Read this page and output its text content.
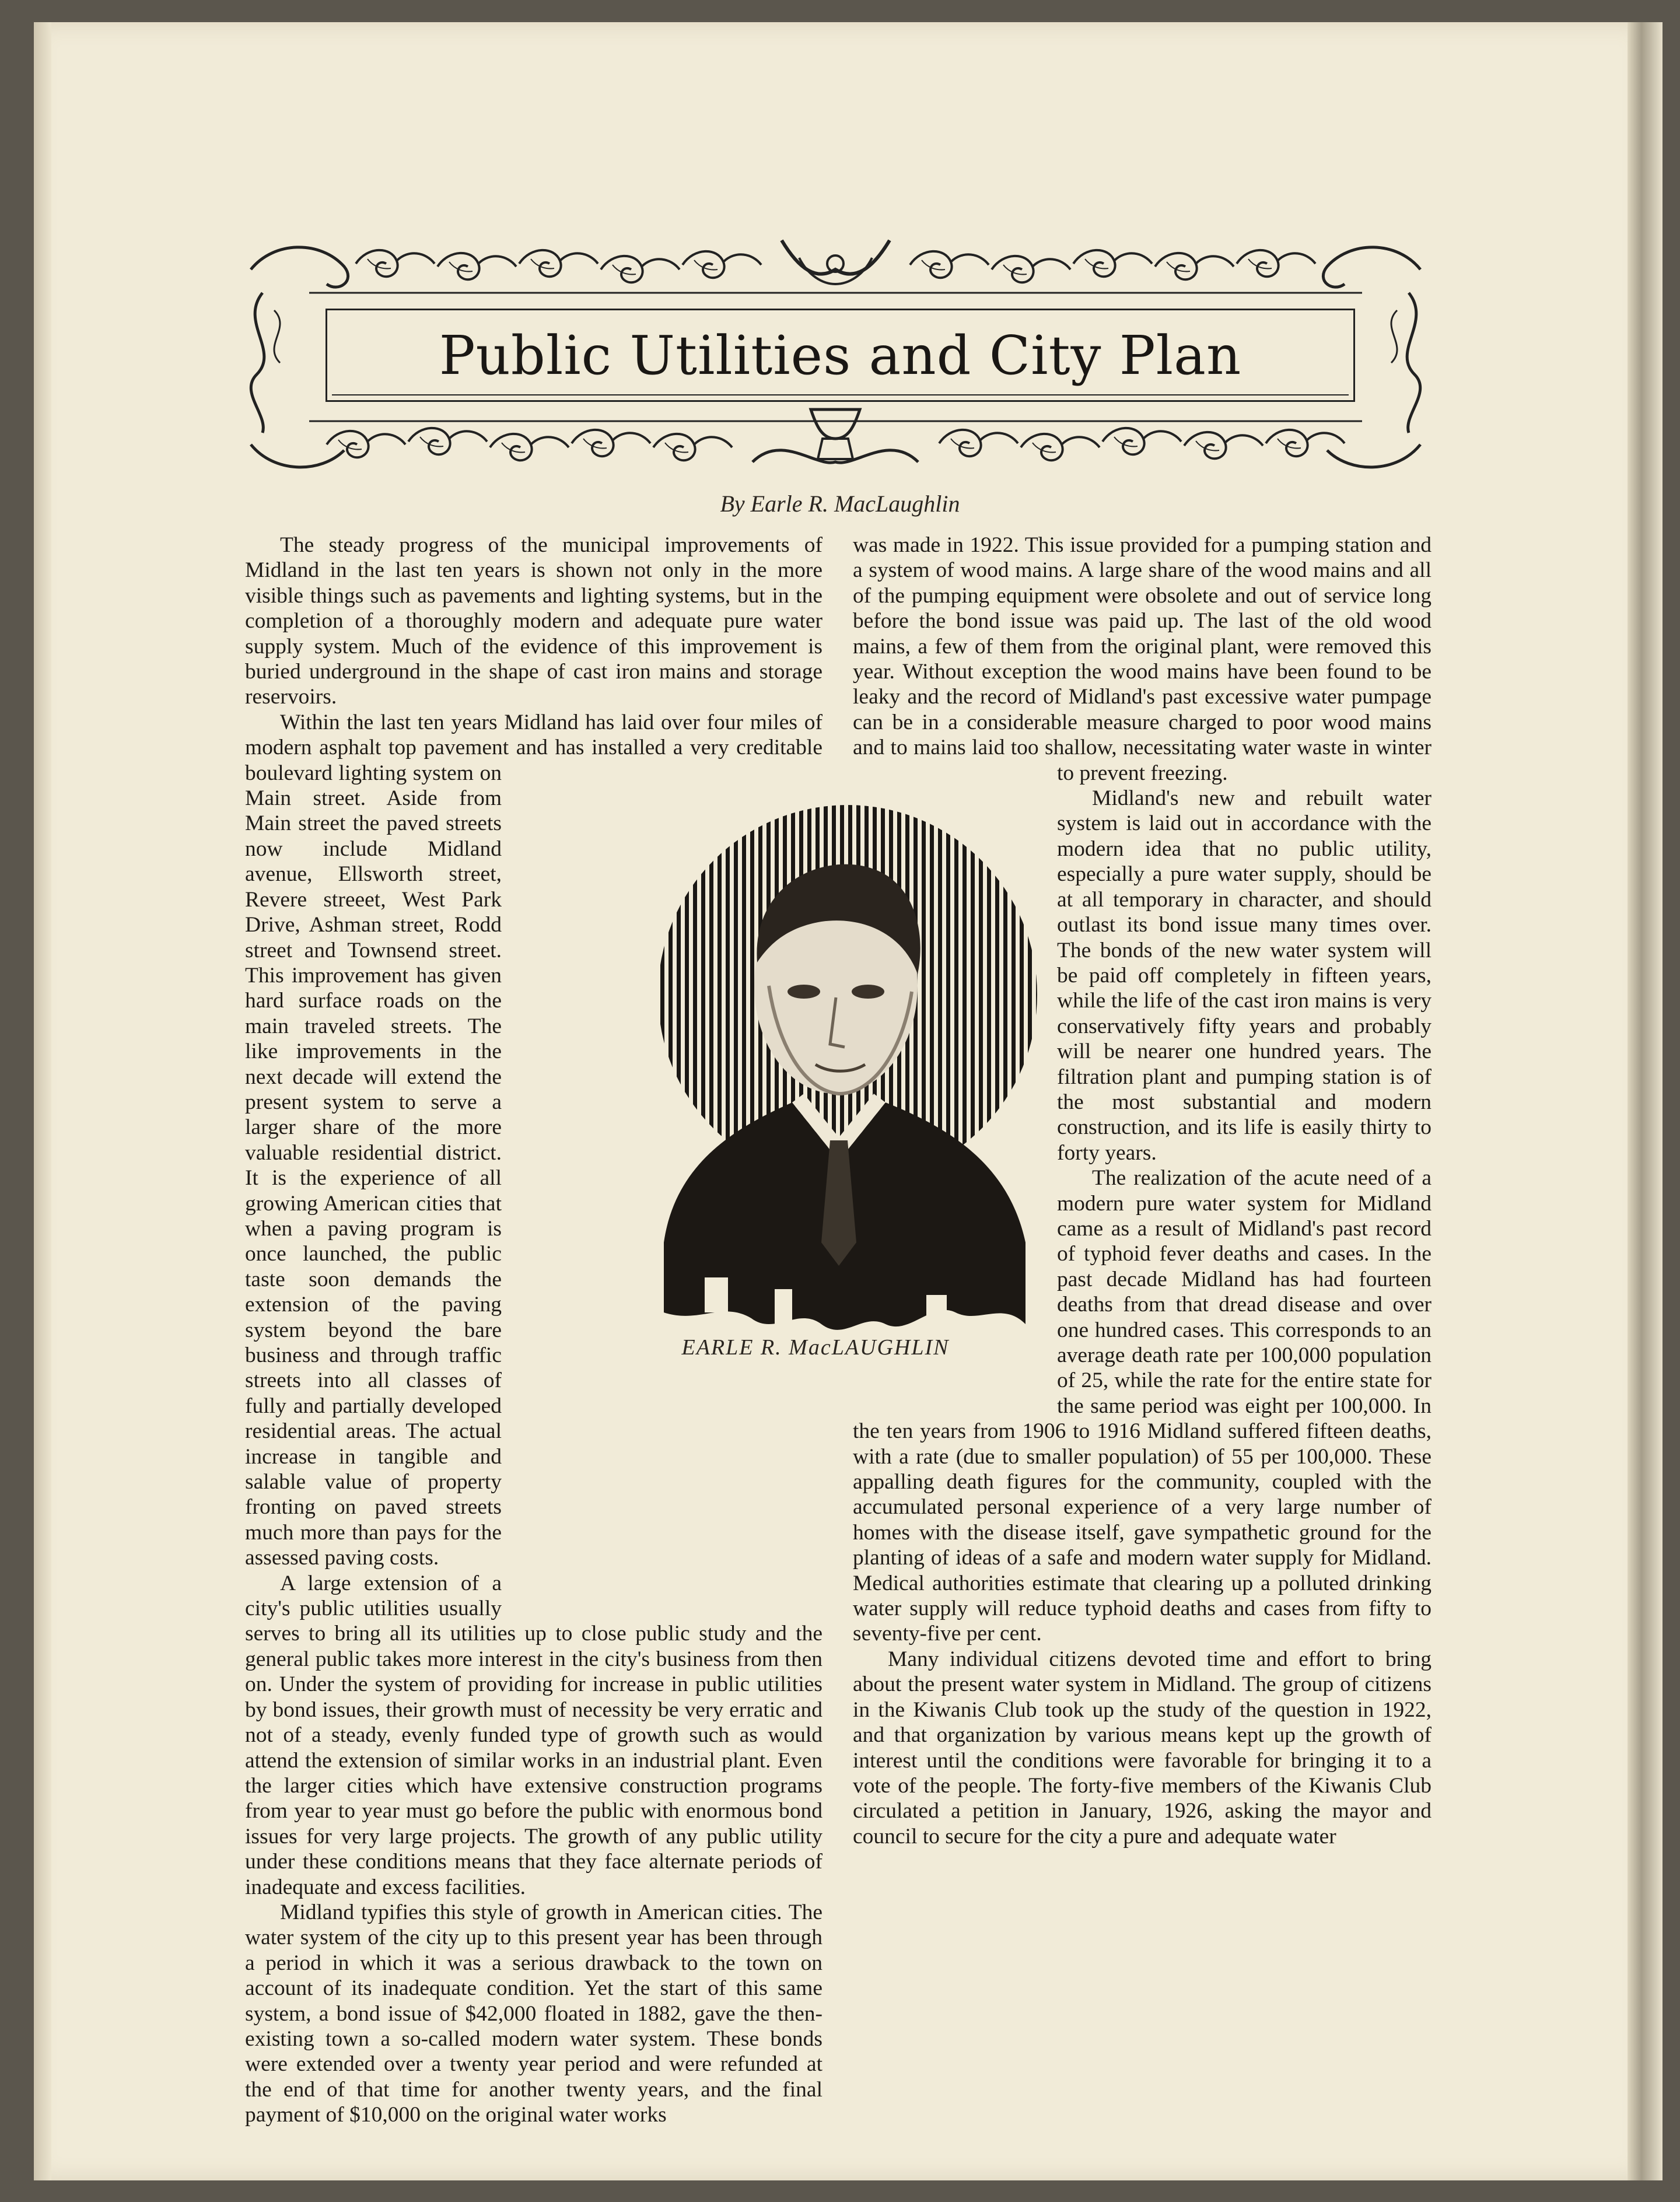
Public Utilities and City Plan
By Earle R. MacLaughlin

The steady progress of the municipal improvements of Midland in the last ten years is shown not only in the more visible things such as pavements and lighting systems, but in the completion of a thoroughly modern and adequate pure water supply system. Much of the evidence of this improvement is buried underground in the shape of cast iron mains and storage reservoirs.

Within the last ten years Midland has laid over four miles of modern asphalt top pavement and has installed a very creditable boulevard lighting system on Main street. Aside from Main street the paved streets now include Midland avenue, Ellsworth street, Revere streeet, West Park Drive, Ashman street, Rodd street and Townsend street. This improvement has given hard surface roads on the main traveled streets. The like improvements in the next decade will extend the present system to serve a larger share of the more valuable residential district. It is the experience of all growing American cities that when a paving program is once launched, the public taste soon demands the extension of the paving system beyond the bare business and through traffic streets into all classes of fully and partially developed residential areas. The actual increase in tangible and salable value of property fronting on paved streets much more than pays for the assessed paving costs.

A large extension of a city's public utilities usually serves to bring all its utilities up to close public study and the general public takes more interest in the city's business from then on. Under the system of providing for increase in public utilities by bond issues, their growth must of necessity be very erratic and not of a steady, evenly funded type of growth such as would attend the extension of similar works in an industrial plant. Even the larger cities which have extensive construction programs from year to year must go before the public with enormous bond issues for very large projects. The growth of any public utility under these conditions means that they face alternate periods of inadequate and excess facilities.

Midland typifies this style of growth in American cities. The water system of the city up to this present year has been through a period in which it was a serious drawback to the town on account of its inadequate condition. Yet the start of this same system, a bond issue of $42,000 floated in 1882, gave the then-existing town a so-called modern water system. These bonds were extended over a twenty year period and were refunded at the end of that time for another twenty years, and the final payment of $10,000 on the original water works

was made in 1922. This issue provided for a pumping station and a system of wood mains. A large share of the wood mains and all of the pumping equipment were obsolete and out of service long before the bond issue was paid up. The last of the old wood mains, a few of them from the original plant, were removed this year. Without exception the wood mains have been found to be leaky and the record of Midland's past excessive water pumpage can be in a considerable measure charged to poor wood mains and to mains laid too shallow, necessitating water waste in winter to prevent freezing.

Midland's new and rebuilt water system is laid out in accordance with the modern idea that no public utility, especially a pure water supply, should be at all temporary in character, and should outlast its bond issue many times over. The bonds of the new water system will be paid off completely in fifteen years, while the life of the cast iron mains is very conservatively fifty years and probably will be nearer one hundred years. The filtration plant and pumping station is of the most substantial and modern construction, and its life is easily thirty to forty years.

The realization of the acute need of a modern pure water system for Midland came as a result of Midland's past record of typhoid fever deaths and cases. In the past decade Midland has had fourteen deaths from that dread disease and over one hundred cases. This corresponds to an average death rate per 100,000 population of 25, while the rate for the entire state for the same period was eight per 100,000. In the ten years from 1906 to 1916 Midland suffered fifteen deaths, with a rate (due to smaller population) of 55 per 100,000. These appalling death figures for the community, coupled with the accumulated personal experience of a very large number of homes with the disease itself, gave sympathetic ground for the planting of ideas of a safe and modern water supply for Midland. Medical authorities estimate that clearing up a polluted drinking water supply will reduce typhoid deaths and cases from fifty to seventy-five per cent.

Many individual citizens devoted time and effort to bring about the present water system in Midland. The group of citizens in the Kiwanis Club took up the study of the question in 1922, and that organization by various means kept up the growth of interest until the conditions were favorable for bringing it to a vote of the people. The forty-five members of the Kiwanis Club circulated a petition in January, 1926, asking the mayor and council to secure for the city a pure and adequate water

EARLE R. MacLAUGHLIN
